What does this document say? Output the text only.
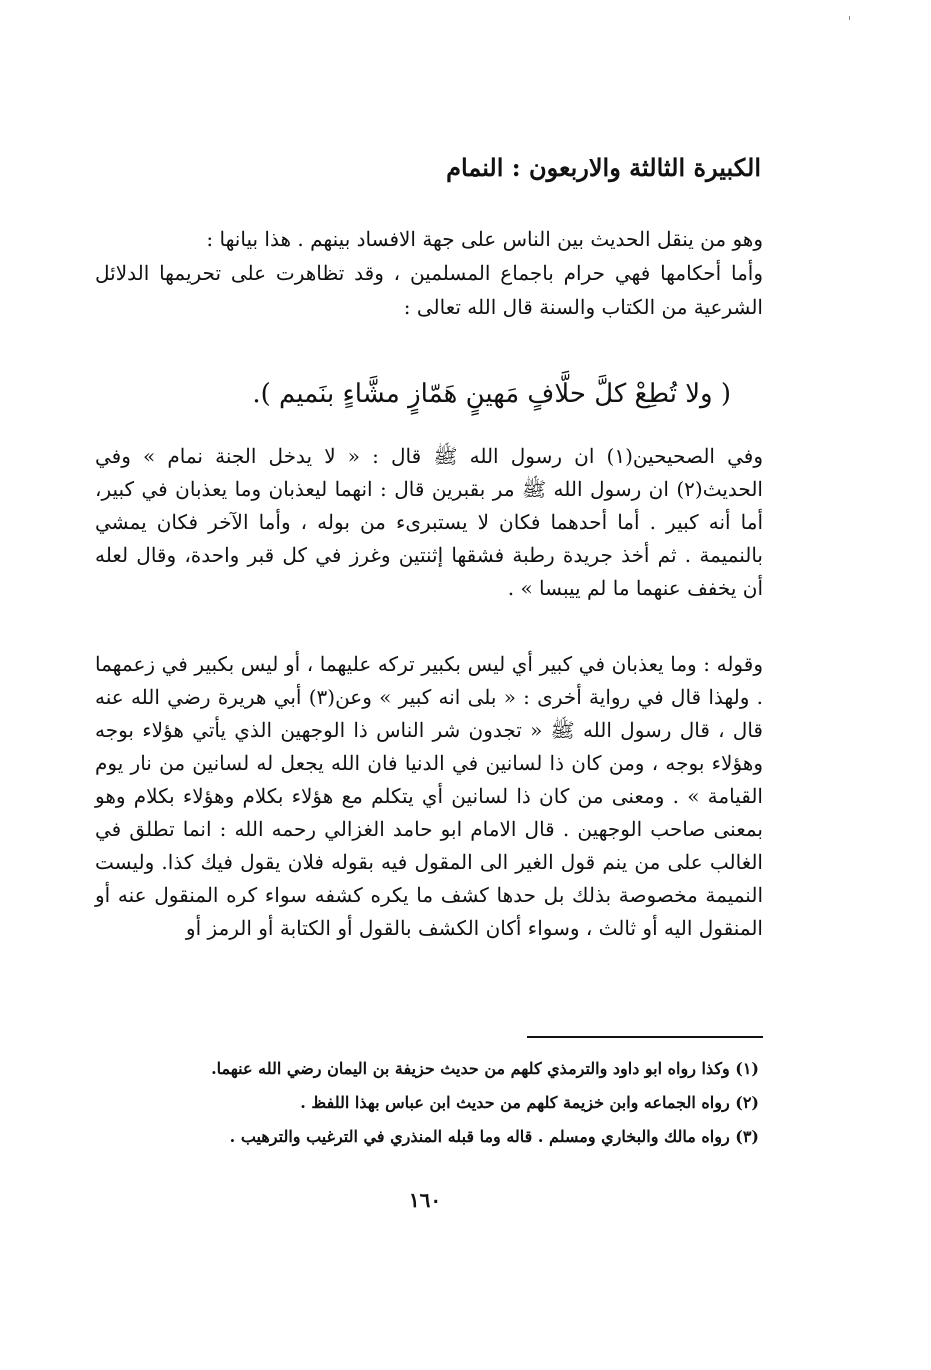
الكبيرة الثالثة والاربعون : النمام

وهو من ينقل الحديث بين الناس على جهة الافساد بينهم . هذا بيانها :

وأما أحكامها فهي حرام باجماع المسلمين ، وقد تظاهرت على تحريمها الدلائل الشرعية من الكتاب والسنة قال الله تعالى :

( ولا تُطِعْ كلَّ حلَّافٍ مَهينٍ هَمّازٍ مشَّاءٍ بنَميم ).

وفي الصحيحين(١) ان رسول الله ﷺ قال : « لا يدخل الجنة نمام » وفي الحديث(٢) ان رسول الله ﷺ مر بقبرين قال : انهما ليعذبان وما يعذبان في كبير، أما أنه كبير . أما أحدهما فكان لا يستبرىء من بوله ، وأما الآخر فكان يمشي بالنميمة . ثم أخذ جريدة رطبة فشقها إثنتين وغرز في كل قبر واحدة، وقال لعله أن يخفف عنهما ما لم ييبسا » .

وقوله : وما يعذبان في كبير أي ليس بكبير تركه عليهما ، أو ليس بكبير في زعمهما . ولهذا قال في رواية أخرى : « بلى انه كبير » وعن(٣) أبي هريرة رضي الله عنه قال ، قال رسول الله ﷺ « تجدون شر الناس ذا الوجهين الذي يأتي هؤلاء بوجه وهؤلاء بوجه ، ومن كان ذا لسانين في الدنيا فان الله يجعل له لسانين من نار يوم القيامة » . ومعنى من كان ذا لسانين أي يتكلم مع هؤلاء بكلام وهؤلاء بكلام وهو بمعنى صاحب الوجهين . قال الامام ابو حامد الغزالي رحمه الله : انما تطلق في الغالب على من ينم قول الغير الى المقول فيه بقوله فلان يقول فيك كذا. وليست النميمة مخصوصة بذلك بل حدها كشف ما يكره كشفه سواء كره المنقول عنه أو المنقول اليه أو ثالث ، وسواء أكان الكشف بالقول أو الكتابة أو الرمز أو

(١) وكذا رواه ابو داود والترمذي كلهم من حديث حزيفة بن اليمان رضي الله عنهما.
(٢) رواه الجماعه وابن خزيمة كلهم من حديث ابن عباس بهذا اللفظ .
(٣) رواه مالك والبخاري ومسلم . قاله وما قبله المنذري في الترغيب والترهيب .
١٦٠
